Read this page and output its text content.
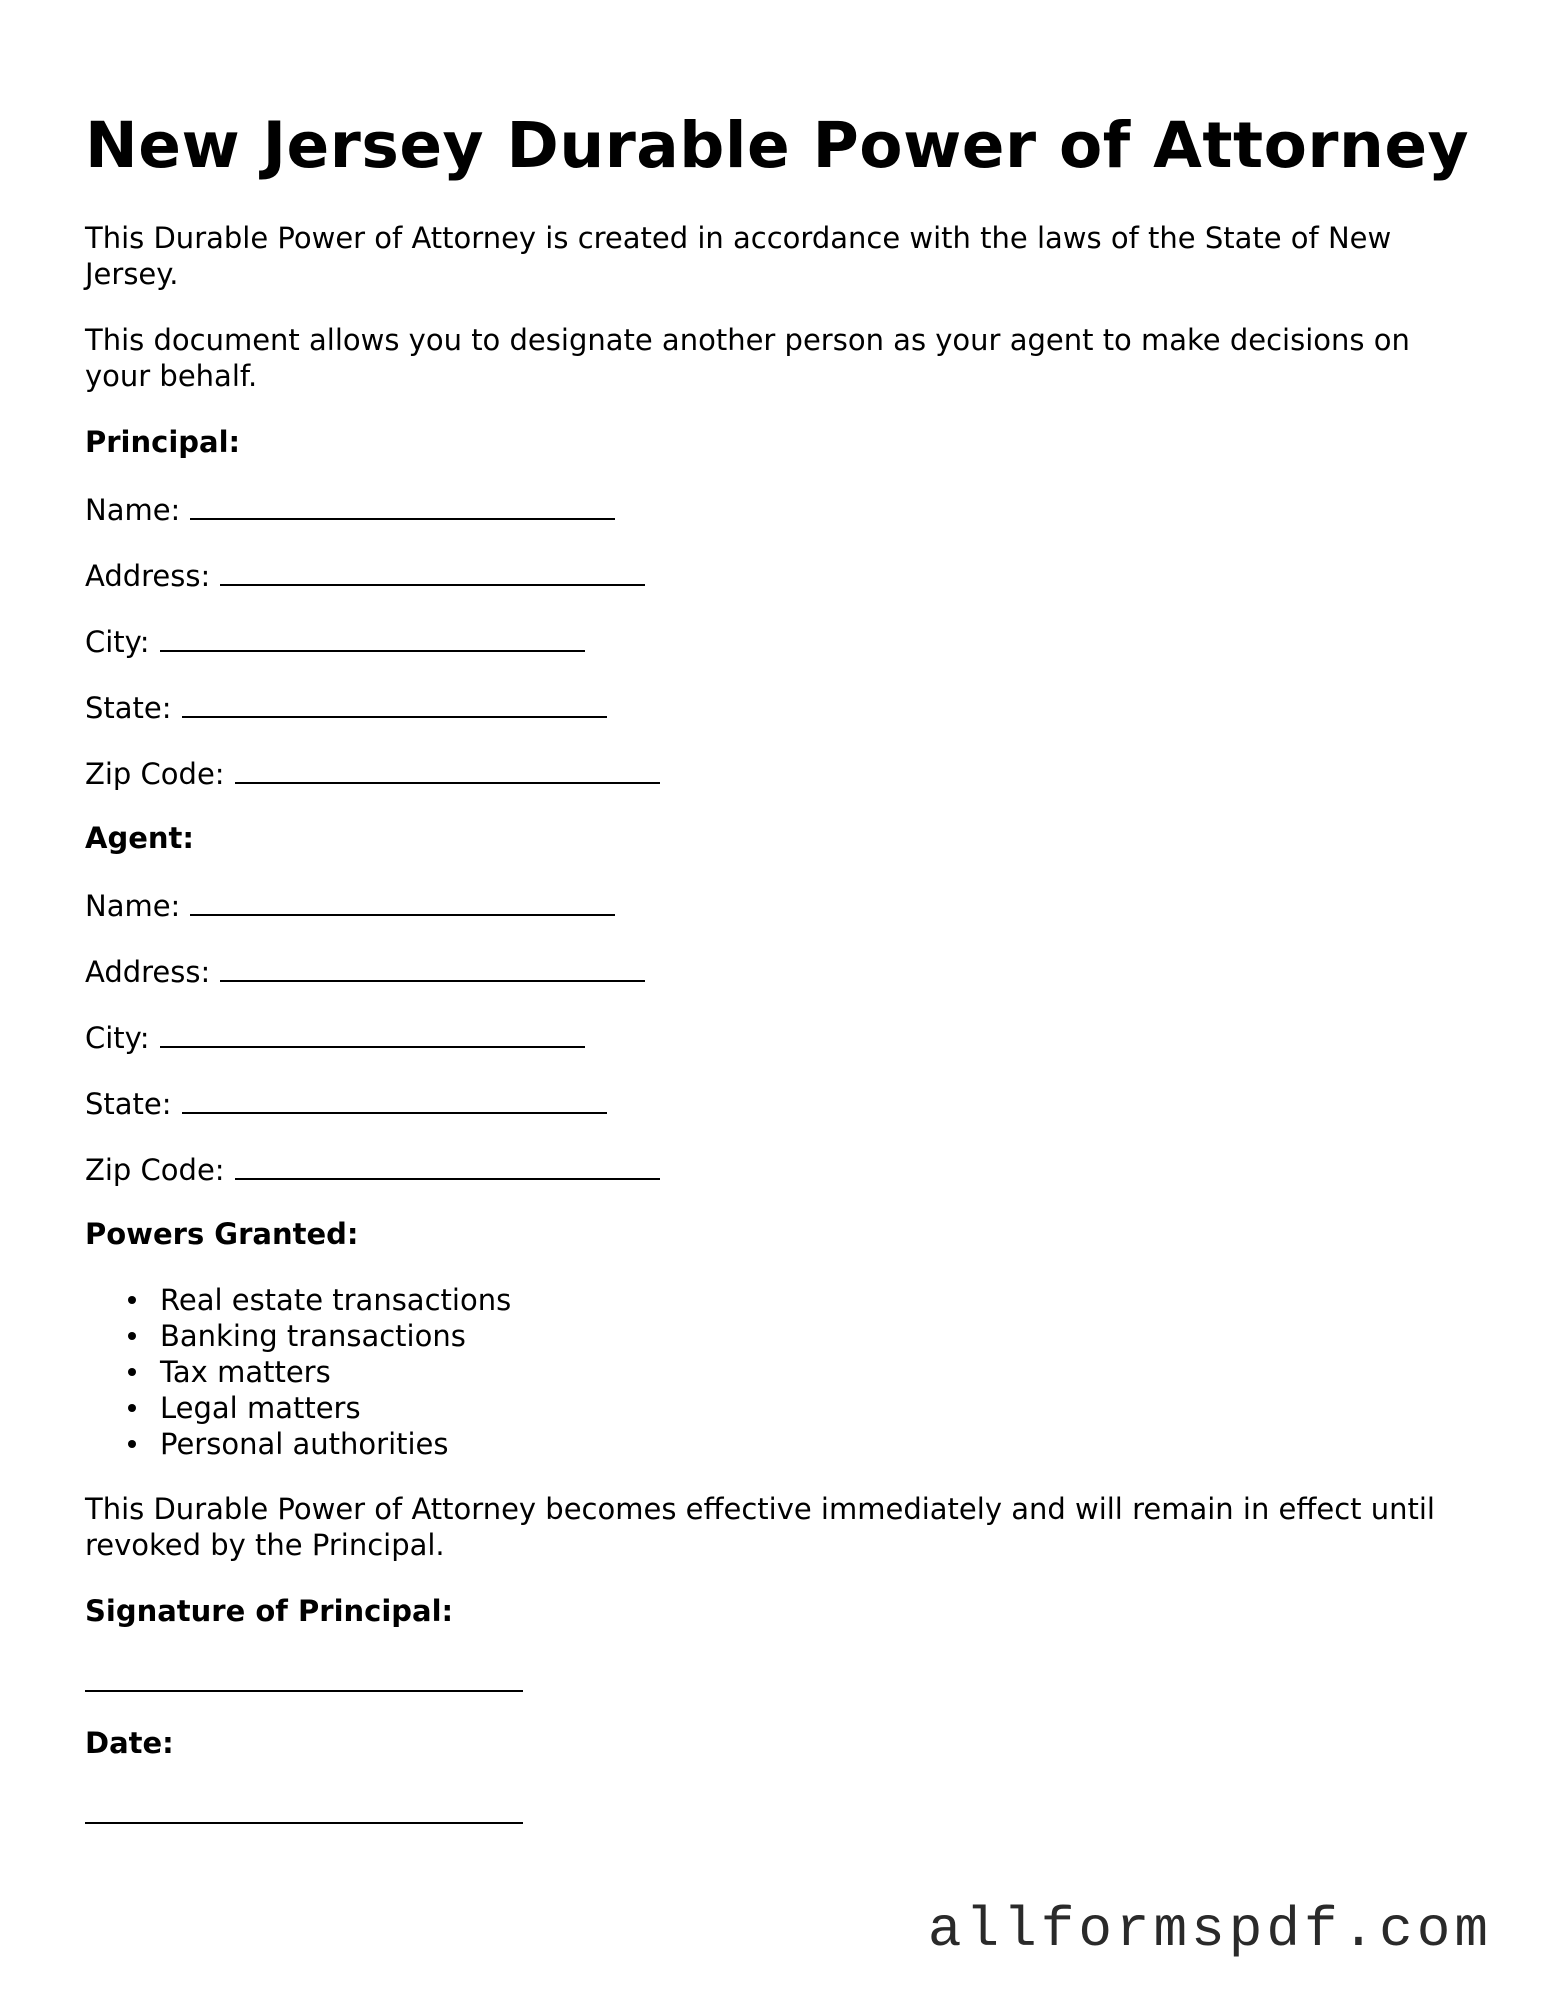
New Jersey Durable Power of Attorney

This Durable Power of Attorney is created in accordance with the laws of the State of New Jersey.

This document allows you to designate another person as your agent to make decisions on your behalf.

Principal:
Name:
Address:
City:
State:
Zip Code:
Agent:
Name:
Address:
City:
State:
Zip Code:
Powers Granted:
Real estate transactions
Banking transactions
Tax matters
Legal matters
Personal authorities

This Durable Power of Attorney becomes effective immediately and will remain in effect until revoked by the Principal.

Signature of Principal:
Date:
allformspdf.com
